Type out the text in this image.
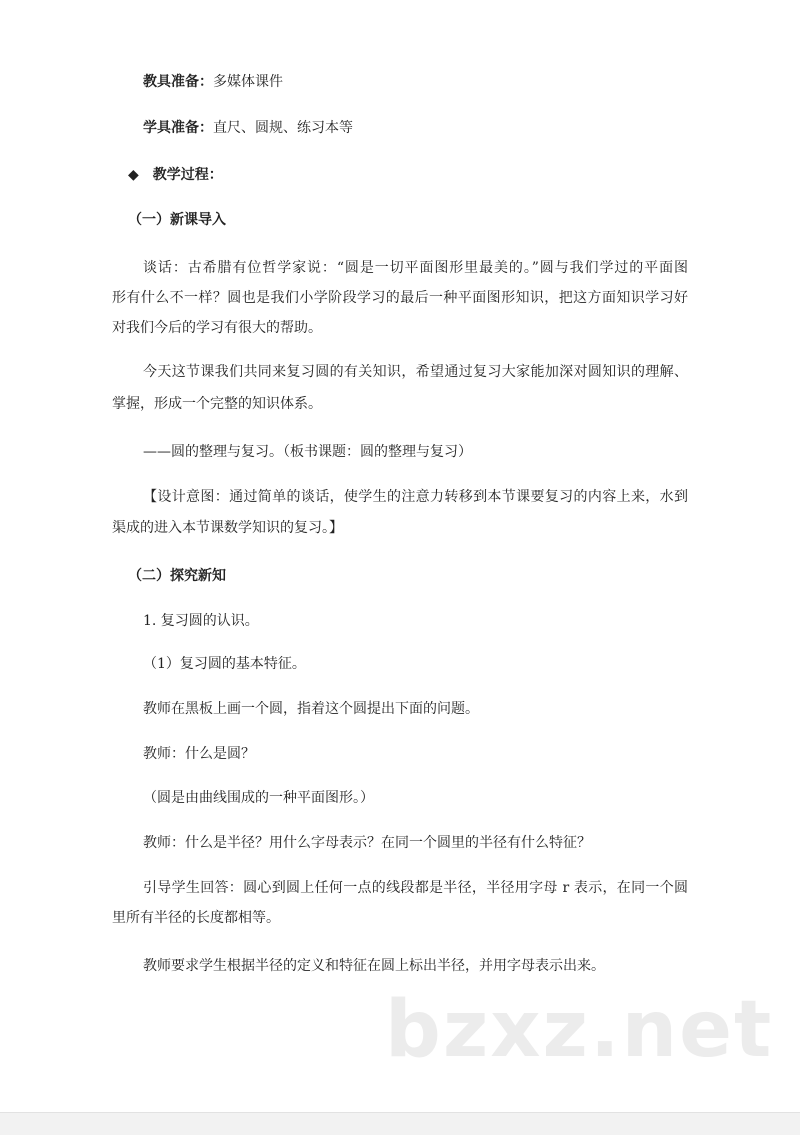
教具准备：多媒体课件
学具准备：直尺、圆规、练习本等
◆ 教学过程：
（一）新课导入
谈话：古希腊有位哲学家说：“圆是一切平面图形里最美的。”圆与我们学过的平面图
形有什么不一样？圆也是我们小学阶段学习的最后一种平面图形知识，把这方面知识学习好
对我们今后的学习有很大的帮助。
今天这节课我们共同来复习圆的有关知识，希望通过复习大家能加深对圆知识的理解、
掌握，形成一个完整的知识体系。
——圆的整理与复习。（板书课题：圆的整理与复习）
【设计意图：通过简单的谈话，使学生的注意力转移到本节课要复习的内容上来，水到
渠成的进入本节课数学知识的复习。】
（二）探究新知
1. 复习圆的认识。
（1）复习圆的基本特征。
教师在黑板上画一个圆，指着这个圆提出下面的问题。
教师：什么是圆？
（圆是由曲线围成的一种平面图形。）
教师：什么是半径？用什么字母表示？在同一个圆里的半径有什么特征？
引导学生回答：圆心到圆上任何一点的线段都是半径，半径用字母 r 表示，在同一个圆
里所有半径的长度都相等。
教师要求学生根据半径的定义和特征在圆上标出半径，并用字母表示出来。
bzxz.net
